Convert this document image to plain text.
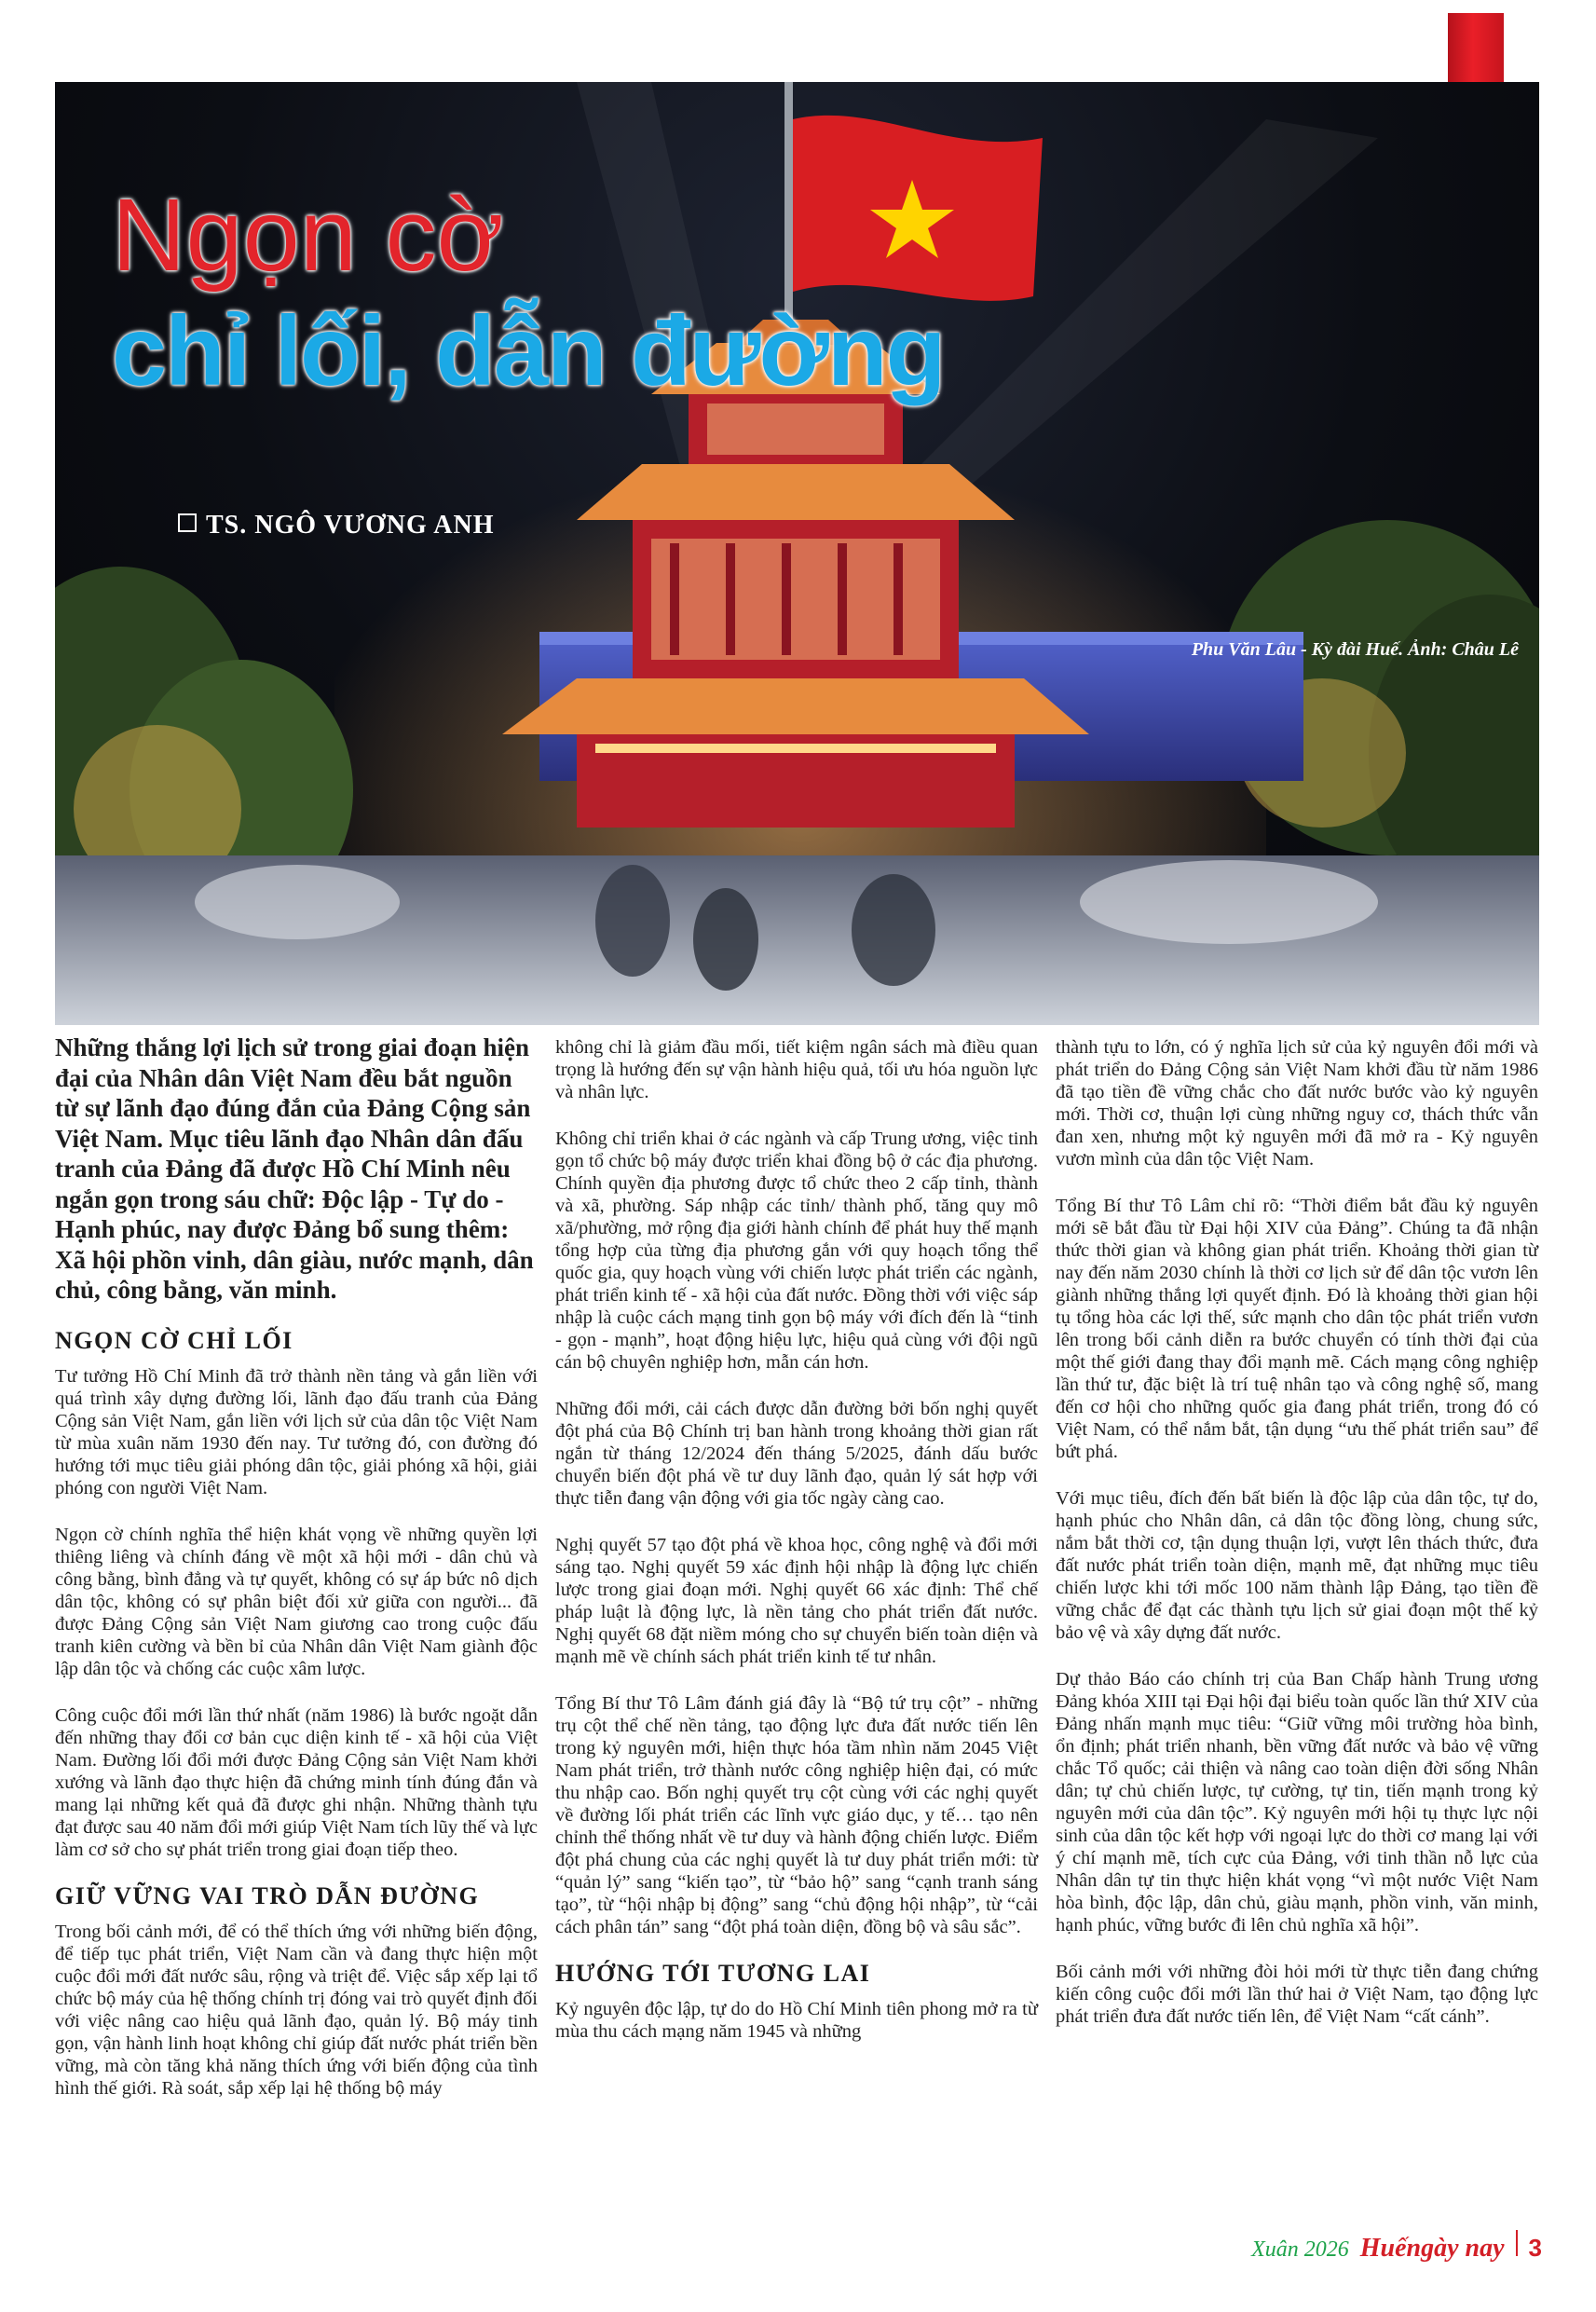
TS. NGÔ VƯƠNG ANH
Phu Văn Lâu - Kỳ đài Huế. Ảnh: Châu Lê
Ngọn cờ
chỉ lối, dẫn đường

Những thắng lợi lịch sử trong giai đoạn hiện đại của Nhân dân Việt Nam đều bắt nguồn từ sự lãnh đạo đúng đắn của Đảng Cộng sản Việt Nam. Mục tiêu lãnh đạo Nhân dân đấu tranh của Đảng đã được Hồ Chí Minh nêu ngắn gọn trong sáu chữ: Độc lập - Tự do - Hạnh phúc, nay được Đảng bổ sung thêm: Xã hội phồn vinh, dân giàu, nước mạnh, dân chủ, công bằng, văn minh.

NGỌN CỜ CHỈ LỐI

Tư tưởng Hồ Chí Minh đã trở thành nền tảng và gắn liền với quá trình xây dựng đường lối, lãnh đạo đấu tranh của Đảng Cộng sản Việt Nam, gắn liền với lịch sử của dân tộc Việt Nam từ mùa xuân năm 1930 đến nay. Tư tưởng đó, con đường đó hướng tới mục tiêu giải phóng dân tộc, giải phóng xã hội, giải phóng con người Việt Nam.

Ngọn cờ chính nghĩa thể hiện khát vọng về những quyền lợi thiêng liêng và chính đáng về một xã hội mới - dân chủ và công bằng, bình đẳng và tự quyết, không có sự áp bức nô dịch dân tộc, không có sự phân biệt đối xử giữa con người... đã được Đảng Cộng sản Việt Nam giương cao trong cuộc đấu tranh kiên cường và bền bỉ của Nhân dân Việt Nam giành độc lập dân tộc và chống các cuộc xâm lược.

Công cuộc đổi mới lần thứ nhất (năm 1986) là bước ngoặt dẫn đến những thay đổi cơ bản cục diện kinh tế - xã hội của Việt Nam. Đường lối đổi mới được Đảng Cộng sản Việt Nam khởi xướng và lãnh đạo thực hiện đã chứng minh tính đúng đắn và mang lại những kết quả đã được ghi nhận. Những thành tựu đạt được sau 40 năm đổi mới giúp Việt Nam tích lũy thế và lực làm cơ sở cho sự phát triển trong giai đoạn tiếp theo.

GIỮ VỮNG VAI TRÒ DẪN ĐƯỜNG

Trong bối cảnh mới, để có thể thích ứng với những biến động, để tiếp tục phát triển, Việt Nam cần và đang thực hiện một cuộc đổi mới đất nước sâu, rộng và triệt để. Việc sắp xếp lại tổ chức bộ máy của hệ thống chính trị đóng vai trò quyết định đối với việc nâng cao hiệu quả lãnh đạo, quản lý. Bộ máy tinh gọn, vận hành linh hoạt không chỉ giúp đất nước phát triển bền vững, mà còn tăng khả năng thích ứng với biến động của tình hình thế giới. Rà soát, sắp xếp lại hệ thống bộ máy

không chỉ là giảm đầu mối, tiết kiệm ngân sách mà điều quan trọng là hướng đến sự vận hành hiệu quả, tối ưu hóa nguồn lực và nhân lực.

Không chỉ triển khai ở các ngành và cấp Trung ương, việc tinh gọn tổ chức bộ máy được triển khai đồng bộ ở các địa phương. Chính quyền địa phương được tổ chức theo 2 cấp tỉnh, thành và xã, phường. Sáp nhập các tỉnh/ thành phố, tăng quy mô xã/phường, mở rộng địa giới hành chính để phát huy thế mạnh tổng hợp của từng địa phương gắn với quy hoạch tổng thể quốc gia, quy hoạch vùng với chiến lược phát triển các ngành, phát triển kinh tế - xã hội của đất nước. Đồng thời với việc sáp nhập là cuộc cách mạng tinh gọn bộ máy với đích đến là “tinh - gọn - mạnh”, hoạt động hiệu lực, hiệu quả cùng với đội ngũ cán bộ chuyên nghiệp hơn, mẫn cán hơn.

Những đổi mới, cải cách được dẫn đường bởi bốn nghị quyết đột phá của Bộ Chính trị ban hành trong khoảng thời gian rất ngắn từ tháng 12/2024 đến tháng 5/2025, đánh dấu bước chuyển biến đột phá về tư duy lãnh đạo, quản lý sát hợp với thực tiễn đang vận động với gia tốc ngày càng cao.

Nghị quyết 57 tạo đột phá về khoa học, công nghệ và đổi mới sáng tạo. Nghị quyết 59 xác định hội nhập là động lực chiến lược trong giai đoạn mới. Nghị quyết 66 xác định: Thể chế pháp luật là động lực, là nền tảng cho phát triển đất nước. Nghị quyết 68 đặt niềm móng cho sự chuyển biến toàn diện và mạnh mẽ về chính sách phát triển kinh tế tư nhân.

Tổng Bí thư Tô Lâm đánh giá đây là “Bộ tứ trụ cột” - những trụ cột thể chế nền tảng, tạo động lực đưa đất nước tiến lên trong kỷ nguyên mới, hiện thực hóa tầm nhìn năm 2045 Việt Nam phát triển, trở thành nước công nghiệp hiện đại, có mức thu nhập cao. Bốn nghị quyết trụ cột cùng với các nghị quyết về đường lối phát triển các lĩnh vực giáo dục, y tế… tạo nên chỉnh thể thống nhất về tư duy và hành động chiến lược. Điểm đột phá chung của các nghị quyết là tư duy phát triển mới: từ “quản lý” sang “kiến tạo”, từ “bảo hộ” sang “cạnh tranh sáng tạo”, từ “hội nhập bị động” sang “chủ động hội nhập”, từ “cải cách phân tán” sang “đột phá toàn diện, đồng bộ và sâu sắc”.

HƯỚNG TỚI TƯƠNG LAI

Kỷ nguyên độc lập, tự do do Hồ Chí Minh tiên phong mở ra từ mùa thu cách mạng năm 1945 và những

thành tựu to lớn, có ý nghĩa lịch sử của kỷ nguyên đổi mới và phát triển do Đảng Cộng sản Việt Nam khởi đầu từ năm 1986 đã tạo tiền đề vững chắc cho đất nước bước vào kỷ nguyên mới. Thời cơ, thuận lợi cùng những nguy cơ, thách thức vẫn đan xen, nhưng một kỷ nguyên mới đã mở ra - Kỷ nguyên vươn mình của dân tộc Việt Nam.

Tổng Bí thư Tô Lâm chỉ rõ: “Thời điểm bắt đầu kỷ nguyên mới sẽ bắt đầu từ Đại hội XIV của Đảng”. Chúng ta đã nhận thức thời gian và không gian phát triển. Khoảng thời gian từ nay đến năm 2030 chính là thời cơ lịch sử để dân tộc vươn lên giành những thắng lợi quyết định. Đó là khoảng thời gian hội tụ tổng hòa các lợi thế, sức mạnh cho dân tộc phát triển vươn lên trong bối cảnh diễn ra bước chuyển có tính thời đại của một thế giới đang thay đổi mạnh mẽ. Cách mạng công nghiệp lần thứ tư, đặc biệt là trí tuệ nhân tạo và công nghệ số, mang đến cơ hội cho những quốc gia đang phát triển, trong đó có Việt Nam, có thể nắm bắt, tận dụng “ưu thế phát triển sau” để bứt phá.

Với mục tiêu, đích đến bất biến là độc lập của dân tộc, tự do, hạnh phúc cho Nhân dân, cả dân tộc đồng lòng, chung sức, nắm bắt thời cơ, tận dụng thuận lợi, vượt lên thách thức, đưa đất nước phát triển toàn diện, mạnh mẽ, đạt những mục tiêu chiến lược khi tới mốc 100 năm thành lập Đảng, tạo tiền đề vững chắc để đạt các thành tựu lịch sử giai đoạn một thế kỷ bảo vệ và xây dựng đất nước.

Dự thảo Báo cáo chính trị của Ban Chấp hành Trung ương Đảng khóa XIII tại Đại hội đại biểu toàn quốc lần thứ XIV của Đảng nhấn mạnh mục tiêu: “Giữ vững môi trường hòa bình, ổn định; phát triển nhanh, bền vững đất nước và bảo vệ vững chắc Tổ quốc; cải thiện và nâng cao toàn diện đời sống Nhân dân; tự chủ chiến lược, tự cường, tự tin, tiến mạnh trong kỷ nguyên mới của dân tộc”. Kỷ nguyên mới hội tụ thực lực nội sinh của dân tộc kết hợp với ngoại lực do thời cơ mang lại với ý chí mạnh mẽ, tích cực của Đảng, với tinh thần nỗ lực của Nhân dân tự tin thực hiện khát vọng “vì một nước Việt Nam hòa bình, độc lập, dân chủ, giàu mạnh, phồn vinh, văn minh, hạnh phúc, vững bước đi lên chủ nghĩa xã hội”.

Bối cảnh mới với những đòi hỏi mới từ thực tiễn đang chứng kiến công cuộc đổi mới lần thứ hai ở Việt Nam, tạo động lực phát triển đưa đất nước tiến lên, để Việt Nam “cất cánh”.

Xuân 2026 Huếngày nay 3
